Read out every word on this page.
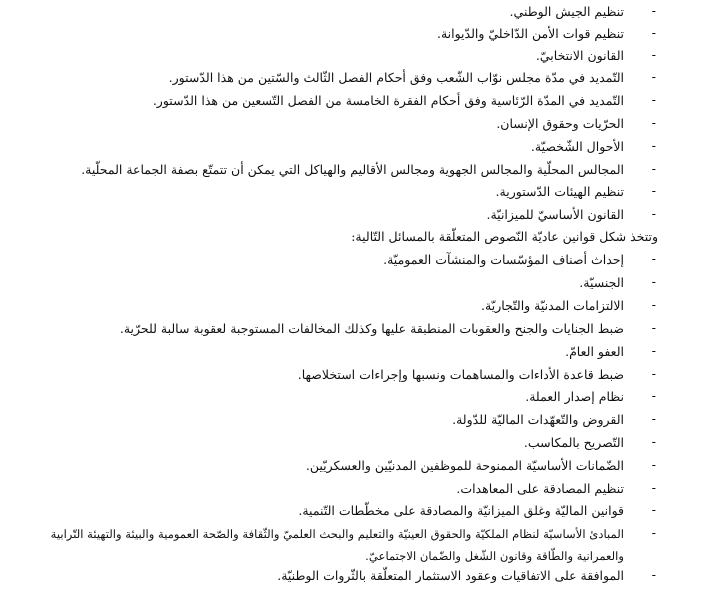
-
تنظيم الجيش الوطني.
-
تنظيم قوات الأمن الدّاخليّ والدّيوانة.
-
القانون الانتخابيّ.
-
التّمديد في مدّة مجلس نوّاب الشّعب وفق أحكام الفصل الثّالث والسّتين من هذا الدّستور.
-
التّمديد في المدّة الرّئاسية وفق أحكام الفقرة الخامسة من الفصل التّسعين من هذا الدّستور.
-
الحرّيات وحقوق الإنسان.
-
الأحوال الشّخصيّة.
-
المجالس المحلّية والمجالس الجهوية ومجالس الأقاليم والهياكل التي يمكن أن تتمتّع بصفة الجماعة المحلّية.
-
تنظيم الهيئات الدّستورية.
-
القانون الأساسيّ للميزانيّة.
وتتخذ شكل قوانين عاديّة النّصوص المتعلّقة بالمسائل التّالية:
-
إحداث أصناف المؤسّسات والمنشآت العموميّة.
-
الجنسيّة.
-
الالتزامات المدنيّة والتّجاريّة.
-
ضبط الجنايات والجنح والعقوبات المنطبقة عليها وكذلك المخالفات المستوجبة لعقوبة سالبة للحرّية.
-
العفو العامّ.
-
ضبط قاعدة الأداءات والمساهمات ونسبها وإجراءات استخلاصها.
-
نظام إصدار العملة.
-
القروض والتّعهّدات الماليّة للدّولة.
-
التّصريح بالمكاسب.
-
الضّمانات الأساسيّة الممنوحة للموظفين المدنيّين والعسكريّين.
-
تنظيم المصادقة على المعاهدات.
-
قوانين الماليّة وغلق الميزانيّة والمصادقة على مخطّطات التّنمية.
-
المبادئ الأساسيّة لنظام الملكيّة والحقوق العينيّة والتعليم والبحث العلميّ والثّقافة والصّحة العمومية والبيئة والتهيئة التّرابية والعمرانية والطّاقة وقانون الشّغل والضّمان الاجتماعيّ.
-
الموافقة على الاتفاقيات وعقود الاستثمار المتعلّقة بالثّروات الوطنيّة.
